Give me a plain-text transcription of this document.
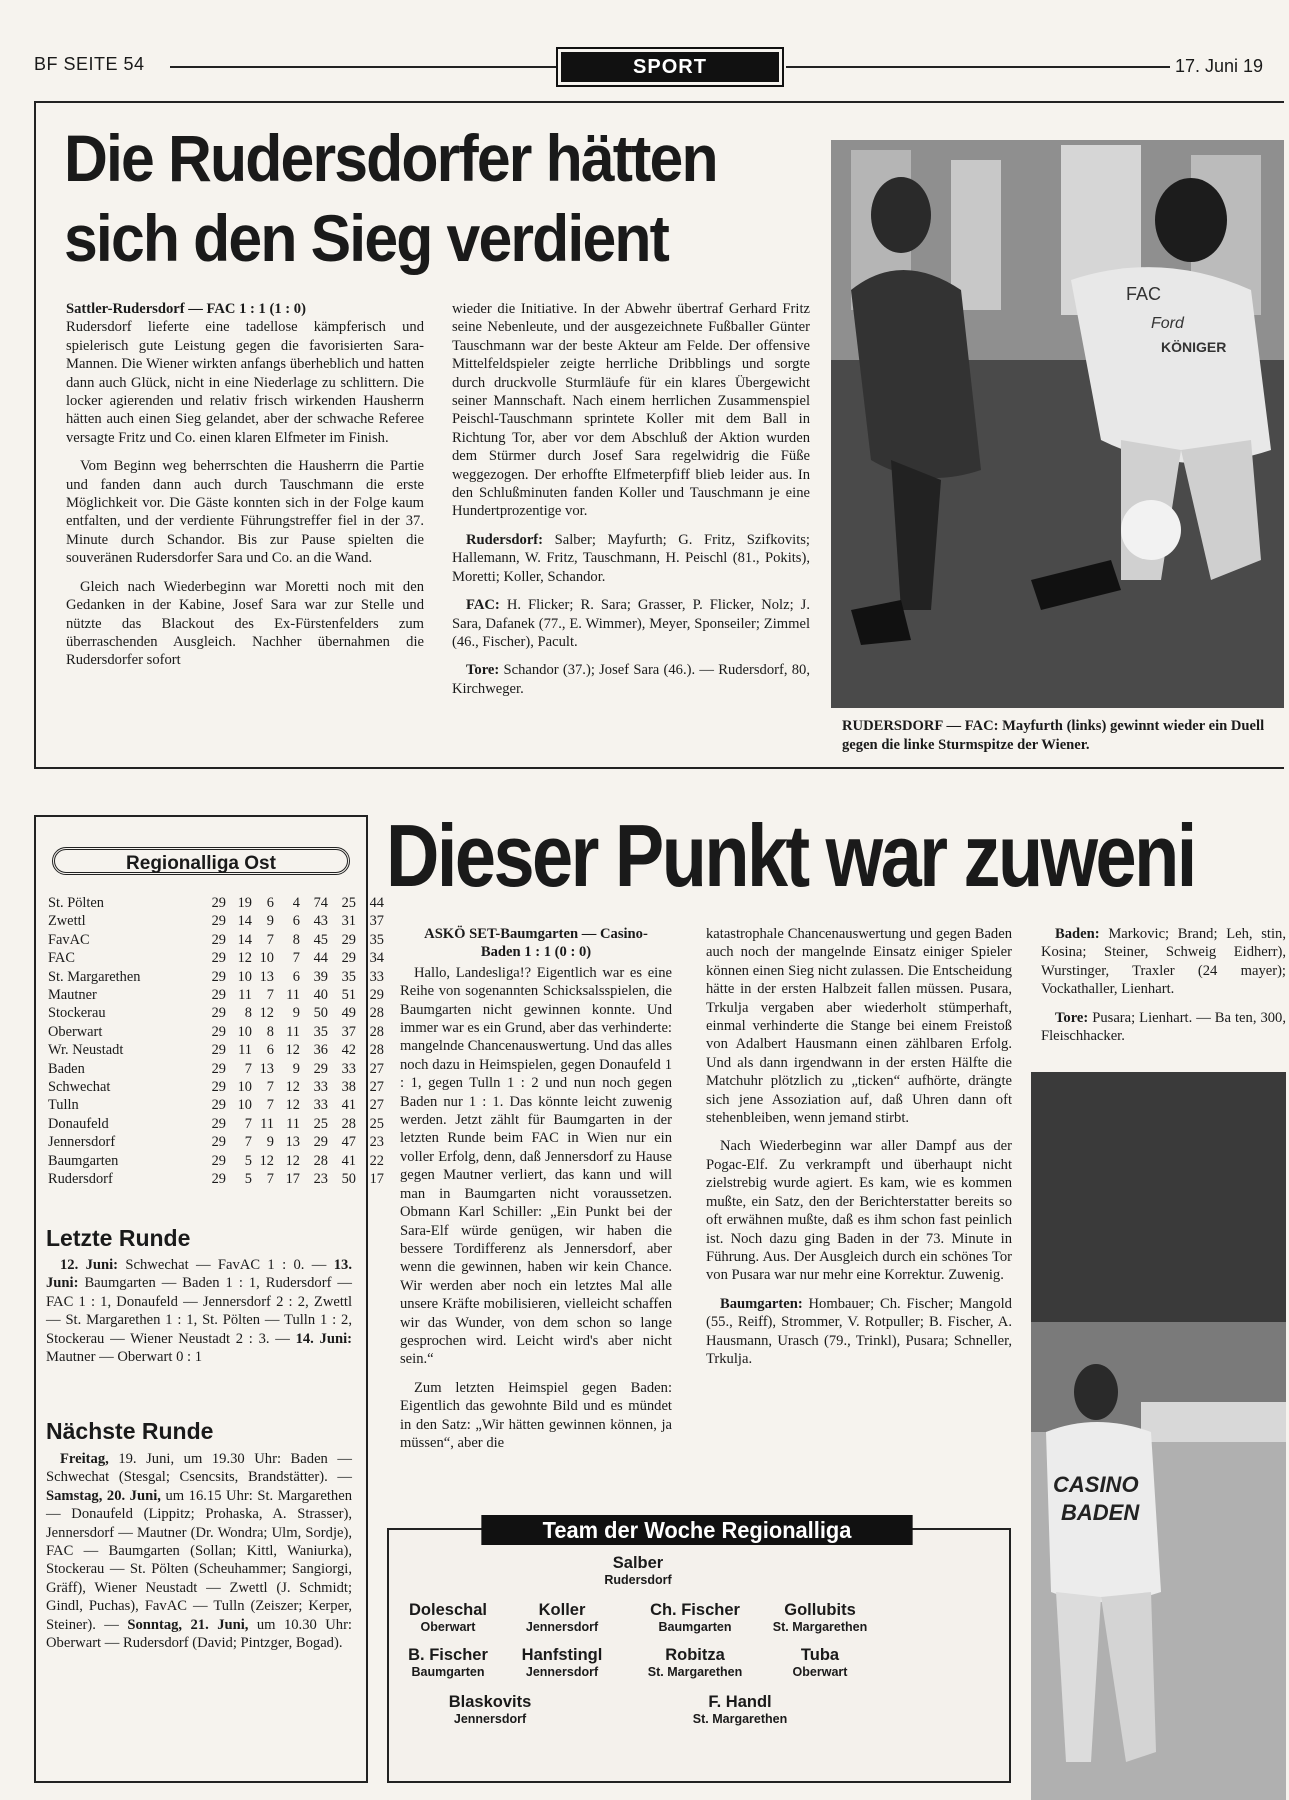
BF SEITE 54	SPORT	17. Juni 19
Die Rudersdorfer hätten
sich den Sieg verdient

Sattler-Rudersdorf — FAC 1 : 1 (1 : 0)
Rudersdorf lieferte eine tadellose kämpferisch und spielerisch gute Leistung gegen die favorisierten Sara-Mannen. Die Wiener wirkten anfangs überheblich und hatten dann auch Glück, nicht in eine Niederlage zu schlittern. Die locker agierenden und relativ frisch wirkenden Hausherrn hätten auch einen Sieg gelandet, aber der schwache Referee versagte Fritz und Co. einen klaren Elfmeter im Finish.

Vom Beginn weg beherrschten die Hausherrn die Partie und fanden dann auch durch Tauschmann die erste Möglichkeit vor. Die Gäste konnten sich in der Folge kaum entfalten, und der verdiente Führungstreffer fiel in der 37. Minute durch Schandor. Bis zur Pause spielten die souveränen Rudersdorfer Sara und Co. an die Wand.

Gleich nach Wiederbeginn war Moretti noch mit den Gedanken in der Kabine, Josef Sara war zur Stelle und nützte das Blackout des Ex-Fürstenfelders zum überraschenden Ausgleich. Nachher übernahmen die Rudersdorfer sofort

wieder die Initiative. In der Abwehr übertraf Gerhard Fritz seine Nebenleute, und der ausgezeichnete Fußballer Günter Tauschmann war der beste Akteur am Felde. Der offensive Mittelfeldspieler zeigte herrliche Dribblings und sorgte durch druckvolle Sturmläufe für ein klares Übergewicht seiner Mannschaft. Nach einem herrlichen Zusammenspiel Peischl-Tauschmann sprintete Koller mit dem Ball in Richtung Tor, aber vor dem Abschluß der Aktion wurden dem Stürmer durch Josef Sara regelwidrig die Füße weggezogen. Der erhoffte Elfmeterpfiff blieb leider aus. In den Schlußminuten fanden Koller und Tauschmann je eine Hundertprozentige vor.

Rudersdorf: Salber; Mayfurth; G. Fritz, Szifkovits; Hallemann, W. Fritz, Tauschmann, H. Peischl (81., Pokits), Moretti; Koller, Schandor.

FAC: H. Flicker; R. Sara; Grasser, P. Flicker, Nolz; J. Sara, Dafanek (77., E. Wimmer), Meyer, Sponseiler; Zimmel (46., Fischer), Pacult.

Tore: Schandor (37.); Josef Sara (46.). — Rudersdorf, 80, Kirchweger.

FAC
Ford
KÖNIGER
RUDERSDORF — FAC: Mayfurth (links) gewinnt wieder ein Duell gegen die linke Sturmspitze der Wiener.
Regionalliga Ost
St. Pölten	29	19	6	4	74	25	44
Zwettl	29	14	9	6	43	31	37
FavAC	29	14	7	8	45	29	35
FAC	29	12	10	7	44	29	34
St. Margarethen	29	10	13	6	39	35	33
Mautner	29	11	7	11	40	51	29
Stockerau	29	8	12	9	50	49	28
Oberwart	29	10	8	11	35	37	28
Wr. Neustadt	29	11	6	12	36	42	28
Baden	29	7	13	9	29	33	27
Schwechat	29	10	7	12	33	38	27
Tulln	29	10	7	12	33	41	27
Donaufeld	29	7	11	11	25	28	25
Jennersdorf	29	7	9	13	29	47	23
Baumgarten	29	5	12	12	28	41	22
Rudersdorf	29	5	7	17	23	50	17
Letzte Runde

12. Juni: Schwechat — FavAC 1 : 0. — 13. Juni: Baumgarten — Baden 1 : 1, Rudersdorf — FAC 1 : 1, Donaufeld — Jennersdorf 2 : 2, Zwettl — St. Margarethen 1 : 1, St. Pölten — Tulln 1 : 2, Stockerau — Wiener Neustadt 2 : 3. — 14. Juni: Mautner — Oberwart 0 : 1

Nächste Runde

Freitag, 19. Juni, um 19.30 Uhr: Baden — Schwechat (Stesgal; Csencsits, Brandstätter). — Samstag, 20. Juni, um 16.15 Uhr: St. Margarethen — Donaufeld (Lippitz; Prohaska, A. Strasser), Jennersdorf — Mautner (Dr. Wondra; Ulm, Sordje), FAC — Baumgarten (Sollan; Kittl, Waniurka), Stockerau — St. Pölten (Scheuhammer; Sangiorgi, Gräff), Wiener Neustadt — Zwettl (J. Schmidt; Gindl, Puchas), FavAC — Tulln (Zeiszer; Kerper, Steiner). — Sonntag, 21. Juni, um 10.30 Uhr: Oberwart — Rudersdorf (David; Pintzger, Bogad).

Dieser Punkt war zuweni

ASKÖ SET-Baumgarten — Casino-
Baden 1 : 1 (0 : 0)

Hallo, Landesliga!? Eigentlich war es eine Reihe von sogenannten Schicksalsspielen, die Baumgarten nicht gewinnen konnte. Und immer war es ein Grund, aber das verhinderte: mangelnde Chancenauswertung. Und das alles noch dazu in Heimspielen, gegen Donaufeld 1 : 1, gegen Tulln 1 : 2 und nun noch gegen Baden nur 1 : 1. Das könnte leicht zuwenig werden. Jetzt zählt für Baumgarten in der letzten Runde beim FAC in Wien nur ein voller Erfolg, denn, daß Jennersdorf zu Hause gegen Mautner verliert, das kann und will man in Baumgarten nicht voraussetzen. Obmann Karl Schiller: „Ein Punkt bei der Sara-Elf würde genügen, wir haben die bessere Tordifferenz als Jennersdorf, aber wenn die gewinnen, haben wir kein Chance. Wir werden aber noch ein letztes Mal alle unsere Kräfte mobilisieren, vielleicht schaffen wir das Wunder, von dem schon so lange gesprochen wird. Leicht wird's aber nicht sein.“

Zum letzten Heimspiel gegen Baden: Eigentlich das gewohnte Bild und es mündet in den Satz: „Wir hätten gewinnen können, ja müssen“, aber die

katastrophale Chancenauswertung und gegen Baden auch noch der mangelnde Einsatz einiger Spieler können einen Sieg nicht zulassen. Die Entscheidung hätte in der ersten Halbzeit fallen müssen. Pusara, Trkulja vergaben aber wiederholt stümperhaft, einmal verhinderte die Stange bei einem Freistoß von Adalbert Hausmann einen zählbaren Erfolg. Und als dann irgendwann in der ersten Hälfte die Matchuhr plötzlich zu „ticken“ aufhörte, drängte sich jene Assoziation auf, daß Uhren dann oft stehenbleiben, wenn jemand stirbt.

Nach Wiederbeginn war aller Dampf aus der Pogac-Elf. Zu verkrampft und überhaupt nicht zielstrebig wurde agiert. Es kam, wie es kommen mußte, ein Satz, den der Berichterstatter bereits so oft erwähnen mußte, daß es ihm schon fast peinlich ist. Noch dazu ging Baden in der 73. Minute in Führung. Aus. Der Ausgleich durch ein schönes Tor von Pusara war nur mehr eine Korrektur. Zuwenig.

Baumgarten: Hombauer; Ch. Fischer; Mangold (55., Reiff), Strommer, V. Rotpuller; B. Fischer, A. Hausmann, Urasch (79., Trinkl), Pusara; Schneller, Trkulja.

Baden: Markovic; Brand; Leh, stin, Kosina; Steiner, Schweig Eidherr), Wurstinger, Traxler (24 mayer); Vockathaller, Lienhart.

Tore: Pusara; Lienhart. — Ba ten, 300, Fleischhacker.

CASINO
BADEN
Team der Woche Regionalliga
Salber
Rudersdorf
Doleschal
Oberwart
Koller
Jennersdorf
Ch. Fischer
Baumgarten
Gollubits
St. Margarethen
B. Fischer
Baumgarten
Hanfstingl
Jennersdorf
Robitza
St. Margarethen
Tuba
Oberwart
Blaskovits
Jennersdorf
F. Handl
St. Margarethen
